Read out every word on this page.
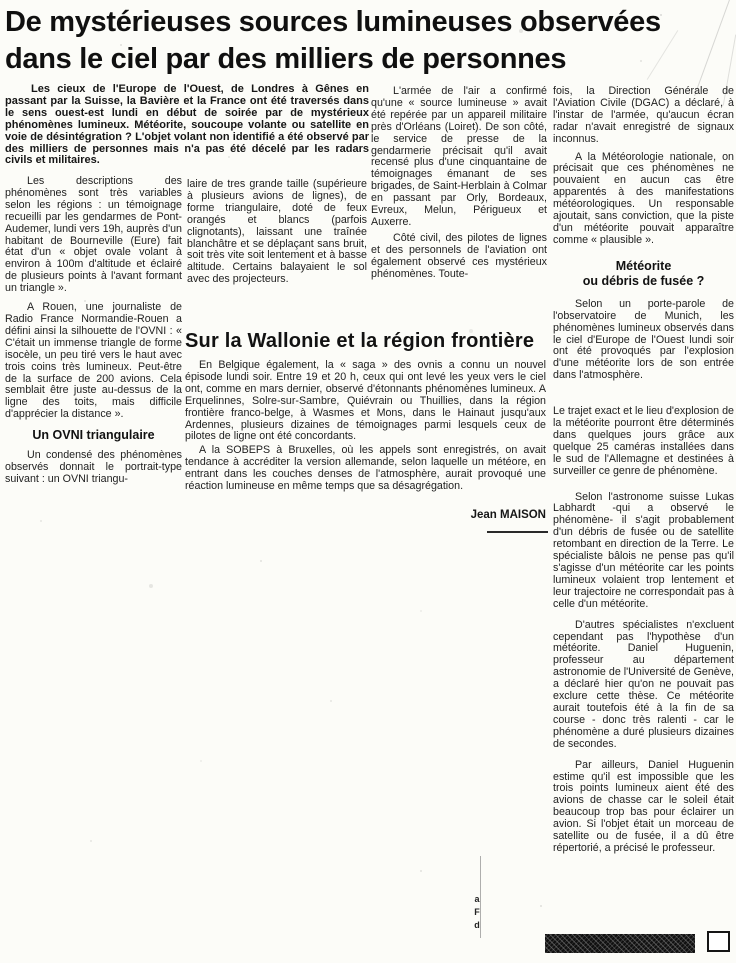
De mystérieuses sources lumineuses observées
dans le ciel par des milliers de personnes

Les cieux de l'Europe de l'Ouest, de Londres à Gênes en passant par la Suisse, la Bavière et la France ont été traversés dans le sens ouest-est lundi en début de soirée par de mystérieux phénomènes lumineux. Météorite, soucoupe volante ou satellite en voie de désintégration ? L'objet volant non identifié a été observé par des milliers de personnes mais n'a pas été décelé par les radars civils et militaires.

Les descriptions des phénomènes sont très variables selon les régions : un témoignage recueilli par les gendarmes de Pont-Audemer, lundi vers 19h, auprès d'un habitant de Bourneville (Eure) fait état d'un « objet ovale volant à environ à 100m d'altitude et éclairé de plusieurs points à l'avant formant un triangle ».

A Rouen, une journaliste de Radio France Normandie-Rouen a défini ainsi la silhouette de l'OVNI : « C'était un immense triangle de forme isocèle, un peu tiré vers le haut avec trois coins très lumineux. Peut-être de la surface de 200 avions. Cela semblait être juste au-dessus de la ligne des toits, mais difficile d'apprécier la distance ».

Un OVNI triangulaire

Un condensé des phénomènes observés donnait le portrait-type suivant : un OVNI triangu-

laire de tres grande taille (supérieure à plusieurs avions de lignes), de forme triangulaire, doté de feux orangés et blancs (parfois clignotants), laissant une traînée blanchâtre et se déplaçant sans bruit, soit très vite soit lentement et à basse altitude. Certains balayaient le sol avec des projecteurs.

Sur la Wallonie et la région frontière

En Belgique également, la « saga » des ovnis a connu un nouvel épisode lundi soir. Entre 19 et 20 h, ceux qui ont levé les yeux vers le ciel ont, comme en mars dernier, observé d'étonnants phénomènes lumineux. A Erquelinnes, Solre-sur-Sambre, Quiévrain ou Thuillies, dans la région frontière franco-belge, à Wasmes et Mons, dans le Hainaut jusqu'aux Ardennes, plusieurs dizaines de témoignages parmi lesquels ceux de pilotes de ligne ont été concordants.

A la SOBEPS à Bruxelles, où les appels sont enregistrés, on avait tendance à accréditer la version allemande, selon laquelle un météore, en entrant dans les couches denses de l'atmosphère, aurait provoqué une réaction lumineuse en même temps que sa désagrégation.

Jean MAISON

L'armée de l'air a confirmé qu'une « source lumineuse » avait été repérée par un appareil militaire près d'Orléans (Loiret). De son côté, le service de presse de la gendarmerie précisait qu'il avait recensé plus d'une cinquantaine de témoignages émanant de ses brigades, de Saint-Herblain à Colmar en passant par Orly, Bordeaux, Evreux, Melun, Périgueux et Auxerre.

Côté civil, des pilotes de lignes et des personnels de l'aviation ont également observé ces mystérieux phénomènes. Toute-

fois, la Direction Générale de l'Aviation Civile (DGAC) a déclaré, à l'instar de l'armée, qu'aucun écran radar n'avait enregistré de signaux inconnus.

A la Météorologie nationale, on précisait que ces phénomènes ne pouvaient en aucun cas être apparentés à des manifestations météorologiques. Un responsable ajoutait, sans conviction, que la piste d'un météorite pouvait apparaître comme « plausible ».

Météorite
ou débris de fusée ?

Selon un porte-parole de l'observatoire de Munich, les phénomènes lumineux observés dans le ciel d'Europe de l'Ouest lundi soir ont été provoqués par l'explosion d'une météorite lors de son entrée dans l'atmosphère.

Le trajet exact et le lieu d'explosion de la météorite pourront être déterminés dans quelques jours grâce aux quelque 25 caméras installées dans le sud de l'Allemagne et destinées à surveiller ce genre de phénomène.

Selon l'astronome suisse Lukas Labhardt -qui a observé le phénomène- il s'agit probablement d'un débris de fusée ou de satellite retombant en direction de la Terre. Le spécialiste bâlois ne pense pas qu'il s'agisse d'un météorite car les points lumineux volaient trop lentement et leur trajectoire ne correspondait pas à celle d'un météorite.

D'autres spécialistes n'excluent cependant pas l'hypothèse d'un météorite. Daniel Huguenin, professeur au département astronomie de l'Université de Genève, a déclaré hier qu'on ne pouvait pas exclure cette thèse. Ce météorite aurait toutefois été à la fin de sa course - donc très ralenti - car le phénomène a duré plusieurs dizaines de secondes.

Par ailleurs, Daniel Huguenin estime qu'il est impossible que les trois points lumineux aient été des avions de chasse car le soleil était beaucoup trop bas pour éclairer un avion. Si l'objet était un morceau de satellite ou de fusée, il a dû être répertorié, a précisé le professeur.

a
F
d
